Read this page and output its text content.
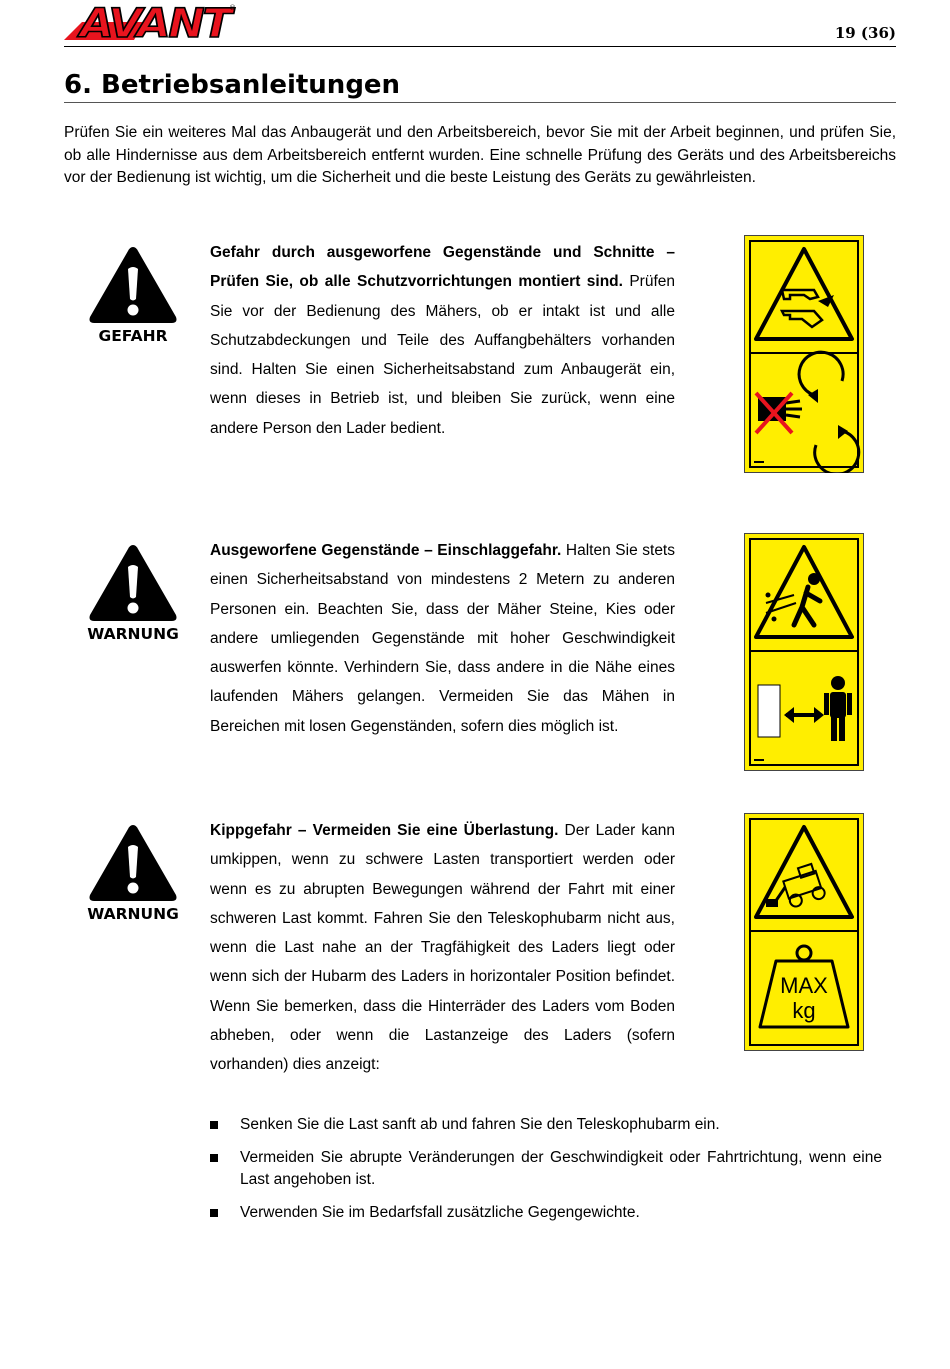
AVANT
®
19 (36)
6. Betriebsanleitungen

Prüfen Sie ein weiteres Mal das Anbaugerät und den Arbeitsbereich, bevor Sie mit der Arbeit beginnen, und prüfen Sie, ob alle Hindernisse aus dem Arbeitsbereich entfernt wurden. Eine schnelle Prüfung des Geräts und des Arbeitsbereichs vor der Bedienung ist wichtig, um die Sicherheit und die beste Leistung des Geräts zu gewährleisten.

GEFAHR

Gefahr durch ausgeworfene Gegenstände und Schnitte – Prüfen Sie, ob alle Schutzvorrichtungen montiert sind. Prüfen Sie vor der Bedienung des Mähers, ob er intakt ist und alle Schutzabdeckungen und Teile des Auffangbehälters vorhanden sind. Halten Sie einen Sicherheitsabstand zum Anbaugerät ein, wenn dieses in Betrieb ist, und bleiben Sie zurück, wenn eine andere Person den Lader bedient.

WARNUNG

Ausgeworfene Gegenstände – Einschlaggefahr. Halten Sie stets einen Sicherheitsabstand von mindestens 2 Metern zu anderen Personen ein. Beachten Sie, dass der Mäher Steine, Kies oder andere umliegenden Gegenstände mit hoher Geschwindigkeit auswerfen könnte. Verhindern Sie, dass andere in die Nähe eines laufenden Mähers gelangen. Vermeiden Sie das Mähen in Bereichen mit losen Gegenständen, sofern dies möglich ist.

WARNUNG

Kippgefahr – Vermeiden Sie eine Überlastung. Der Lader kann umkippen, wenn zu schwere Lasten transportiert werden oder wenn es zu abrupten Bewegungen während der Fahrt mit einer schweren Last kommt. Fahren Sie den Teleskophubarm nicht aus, wenn die Last nahe an der Tragfähigkeit des Laders liegt oder wenn sich der Hubarm des Laders in horizontaler Position befindet. Wenn Sie bemerken, dass die Hinterräder des Laders vom Boden abheben, oder wenn die Lastanzeige des Laders (sofern vorhanden) dies anzeigt:

MAX
kg
Senken Sie die Last sanft ab und fahren Sie den Teleskophubarm ein.
Vermeiden Sie abrupte Veränderungen der Geschwindigkeit oder Fahrtrichtung, wenn eine Last angehoben ist.
Verwenden Sie im Bedarfsfall zusätzliche Gegengewichte.
